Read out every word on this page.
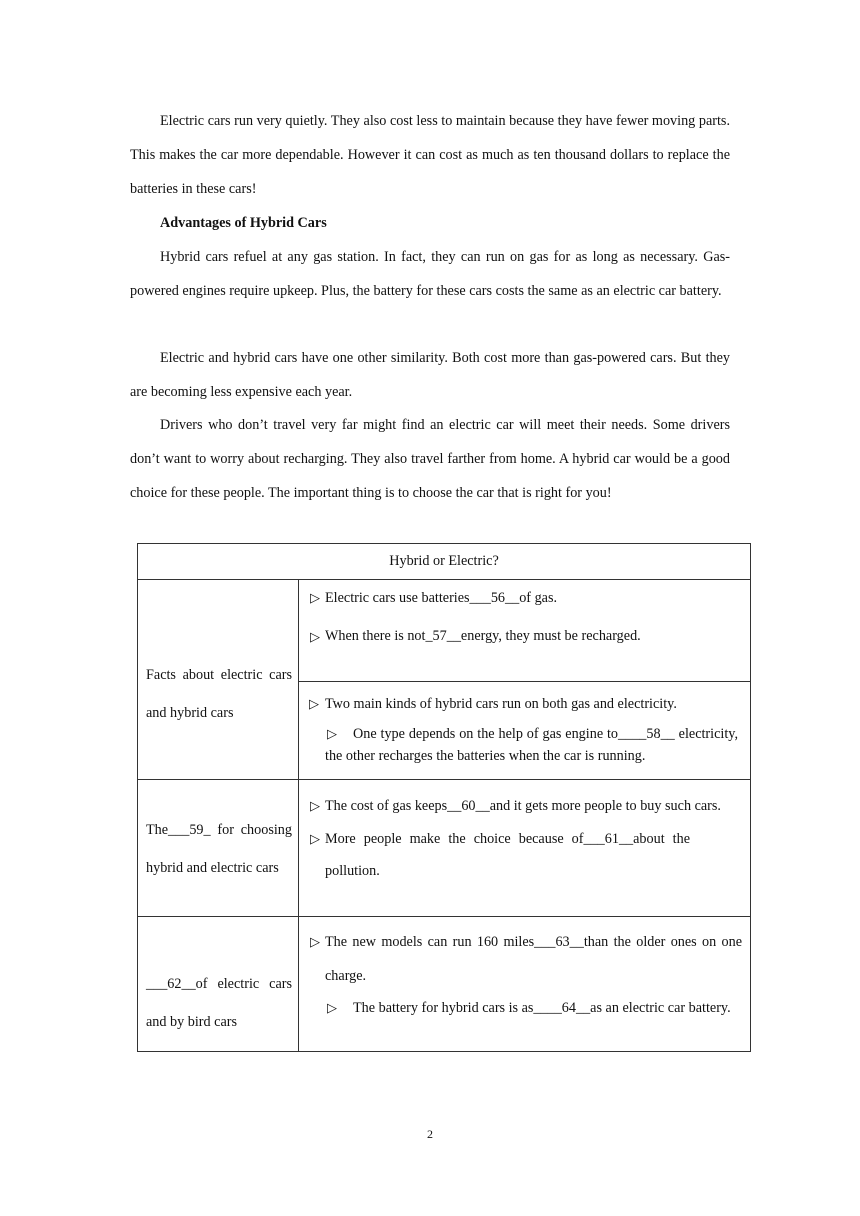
Electric cars run very quietly. They also cost less to maintain because they have fewer moving parts. This makes the car more dependable. However it can cost as much as ten thousand dollars to replace the batteries in these cars!

Advantages of Hybrid Cars

Hybrid cars refuel at any gas station. In fact, they can run on gas for as long as necessary. Gas-powered engines require upkeep. Plus, the battery for these cars costs the same as an electric car battery.

Electric and hybrid cars have one other similarity. Both cost more than gas-powered cars. But they are becoming less expensive each year.

Drivers who don’t travel very far might find an electric car will meet their needs. Some drivers don’t want to worry about recharging. They also travel farther from home. A hybrid car would be a good choice for these people. The important thing is to choose the car that is right for you!

Hybrid or Electric?	

Facts about electric cars and hybrid cars	▷ Electric cars use batteries___56__of gas.
▷ When there is not_57__energy, they must be recharged.

	▷ Two main kinds of hybrid cars run on both gas and electricity.
▷ One type depends on the help of gas engine to____58__ electricity, the other recharges the batteries when the car is running.

The___59_ for choosing hybrid and electric cars	▷ The cost of gas keeps__60__and it gets more people to buy such cars.
▷ More people make the choice because of___61__about the pollution.

___62__of electric cars and by bird cars	▷ The new models can run 160 miles___63__than the older ones on one charge.
▷ The battery for hybrid cars is as____64__as an electric car battery.
2
